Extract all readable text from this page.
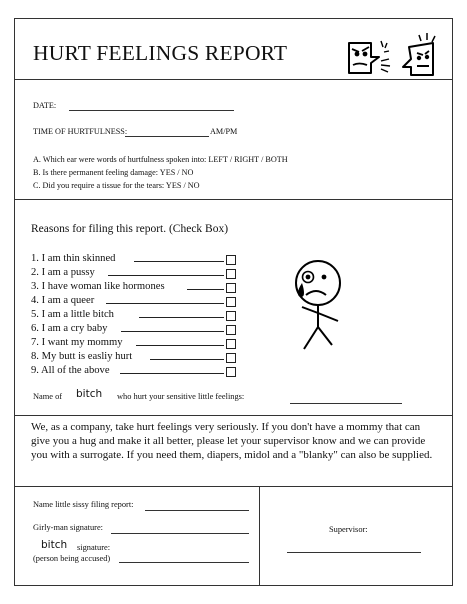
HURT FEELINGS REPORT
DATE:
TIME OF HURTFULNESS:	AM/PM
A. Which ear were words of hurtfulness spoken into: LEFT / RIGHT / BOTH
B. Is there permanent feeling damage: YES / NO
C. Did you require a tissue for the tears: YES / NO
Reasons for filing this report. (Check Box)
1. I am thin skinned
2. I am a pussy
3. I have woman like hormones
4. I am a queer
5. I am a little bitch
6. I am a cry baby
7. I want my mommy
8. My butt is easliy hurt
9. All of the above
Name of bitch who hurt your sensitive little feelings:
We, as a company, take hurt feelings very seriously. If you don't have a mommy that can give you a hug and make it all better, please let your supervisor know and we can provide you with a surrogate. If you need them, diapers, midol and a "blanky" can also be supplied.
Name little sissy filing report:
Girly-man signature:
bitch signature:
(person being accused)
Supervisor:
